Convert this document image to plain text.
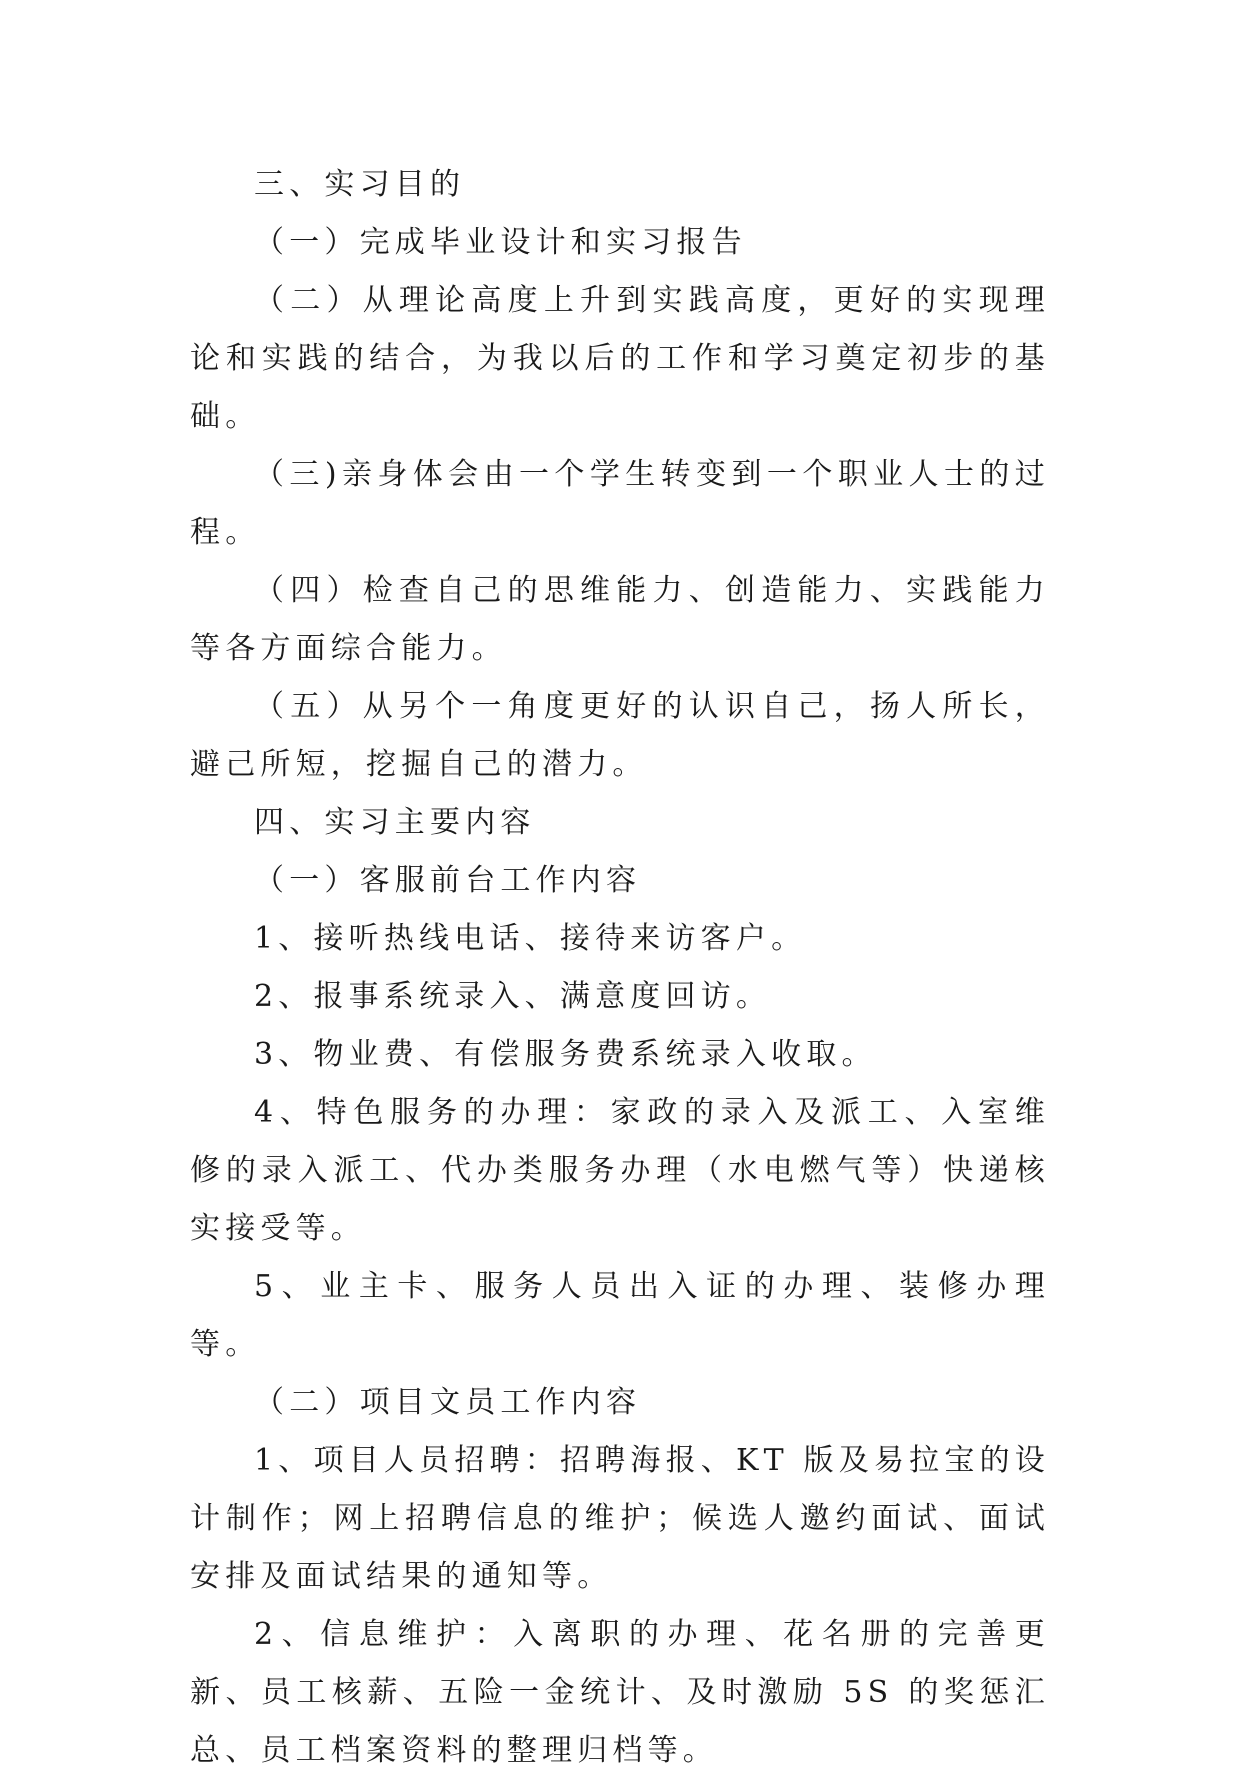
三、实习目的

（一）完成毕业设计和实习报告

（二）从理论高度上升到实践高度，更好的实现理论和实践的结合，为我以后的工作和学习奠定初步的基础。

（三)亲身体会由一个学生转变到一个职业人士的过程。

（四）检查自己的思维能力、创造能力、实践能力等各方面综合能力。

（五）从另个一角度更好的认识自己，扬人所长，避己所短，挖掘自己的潜力。

四、实习主要内容

（一）客服前台工作内容

1、接听热线电话、接待来访客户。

2、报事系统录入、满意度回访。

3、物业费、有偿服务费系统录入收取。

4、特色服务的办理：家政的录入及派工、入室维修的录入派工、代办类服务办理（水电燃气等）快递核实接受等。

5、业主卡、服务人员出入证的办理、装修办理等。

（二）项目文员工作内容

1、项目人员招聘：招聘海报、KT 版及易拉宝的设计制作；网上招聘信息的维护；候选人邀约面试、面试安排及面试结果的通知等。

2、信息维护：入离职的办理、花名册的完善更新、员工核薪、五险一金统计、及时激励 5S 的奖惩汇总、员工档案资料的整理归档等。
